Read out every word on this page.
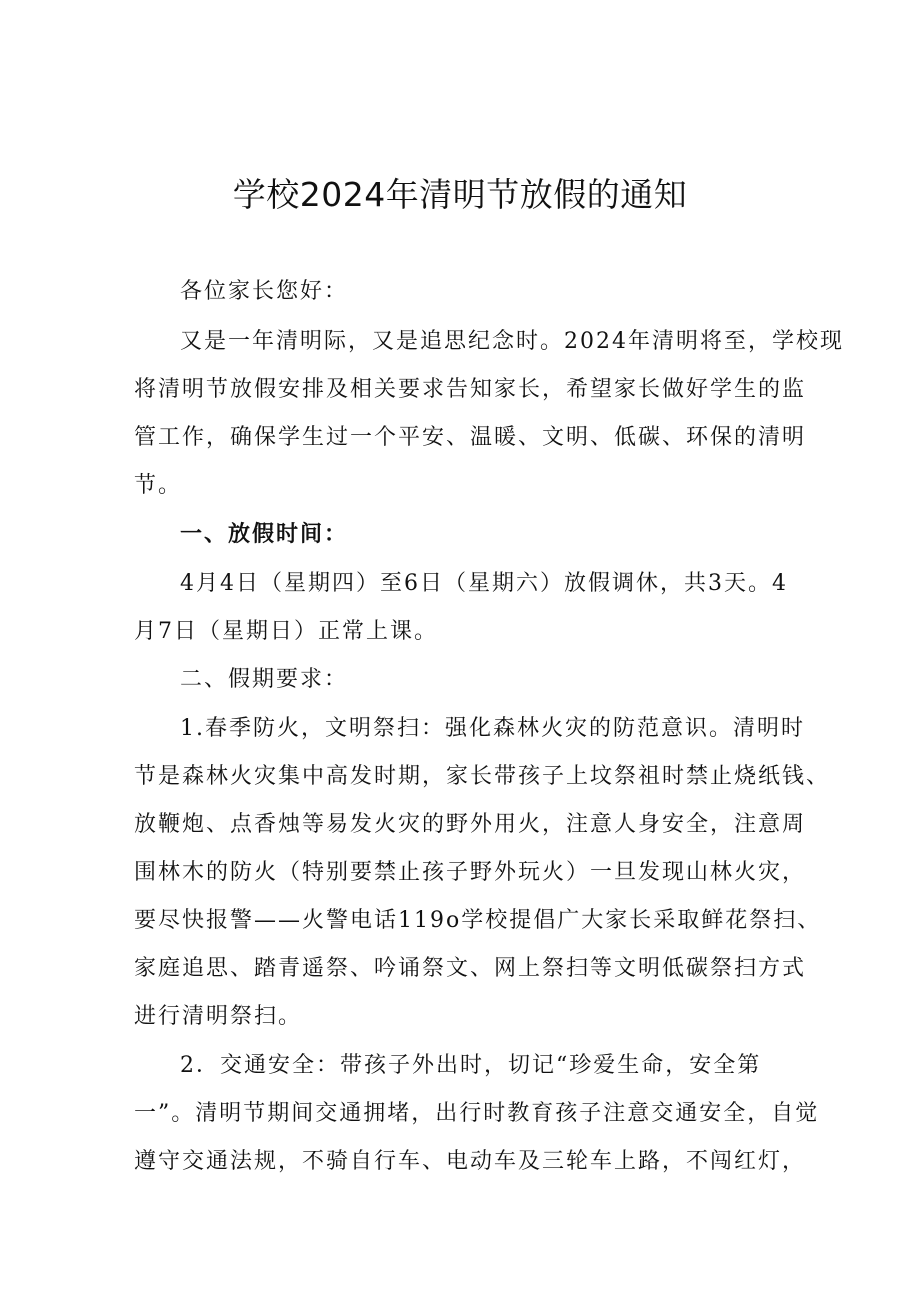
学校2024年清明节放假的通知
各位家长您好：
又是一年清明际，又是追思纪念时。2024年清明将至，学校现
将清明节放假安排及相关要求告知家长，希望家长做好学生的监
管工作，确保学生过一个平安、温暖、文明、低碳、环保的清明
节。
一、放假时间：
4月4日（星期四）至6日（星期六）放假调休，共3天。4
月7日（星期日）正常上课。
二、假期要求：
1.春季防火，文明祭扫：强化森林火灾的防范意识。清明时
节是森林火灾集中高发时期，家长带孩子上坟祭祖时禁止烧纸钱、
放鞭炮、点香烛等易发火灾的野外用火，注意人身安全，注意周
围林木的防火（特别要禁止孩子野外玩火）一旦发现山林火灾，
要尽快报警——火警电话119o学校提倡广大家长采取鲜花祭扫、
家庭追思、踏青遥祭、吟诵祭文、网上祭扫等文明低碳祭扫方式
进行清明祭扫。
2．交通安全：带孩子外出时，切记“珍爱生命，安全第
一”。清明节期间交通拥堵，出行时教育孩子注意交通安全，自觉
遵守交通法规，不骑自行车、电动车及三轮车上路，不闯红灯，
